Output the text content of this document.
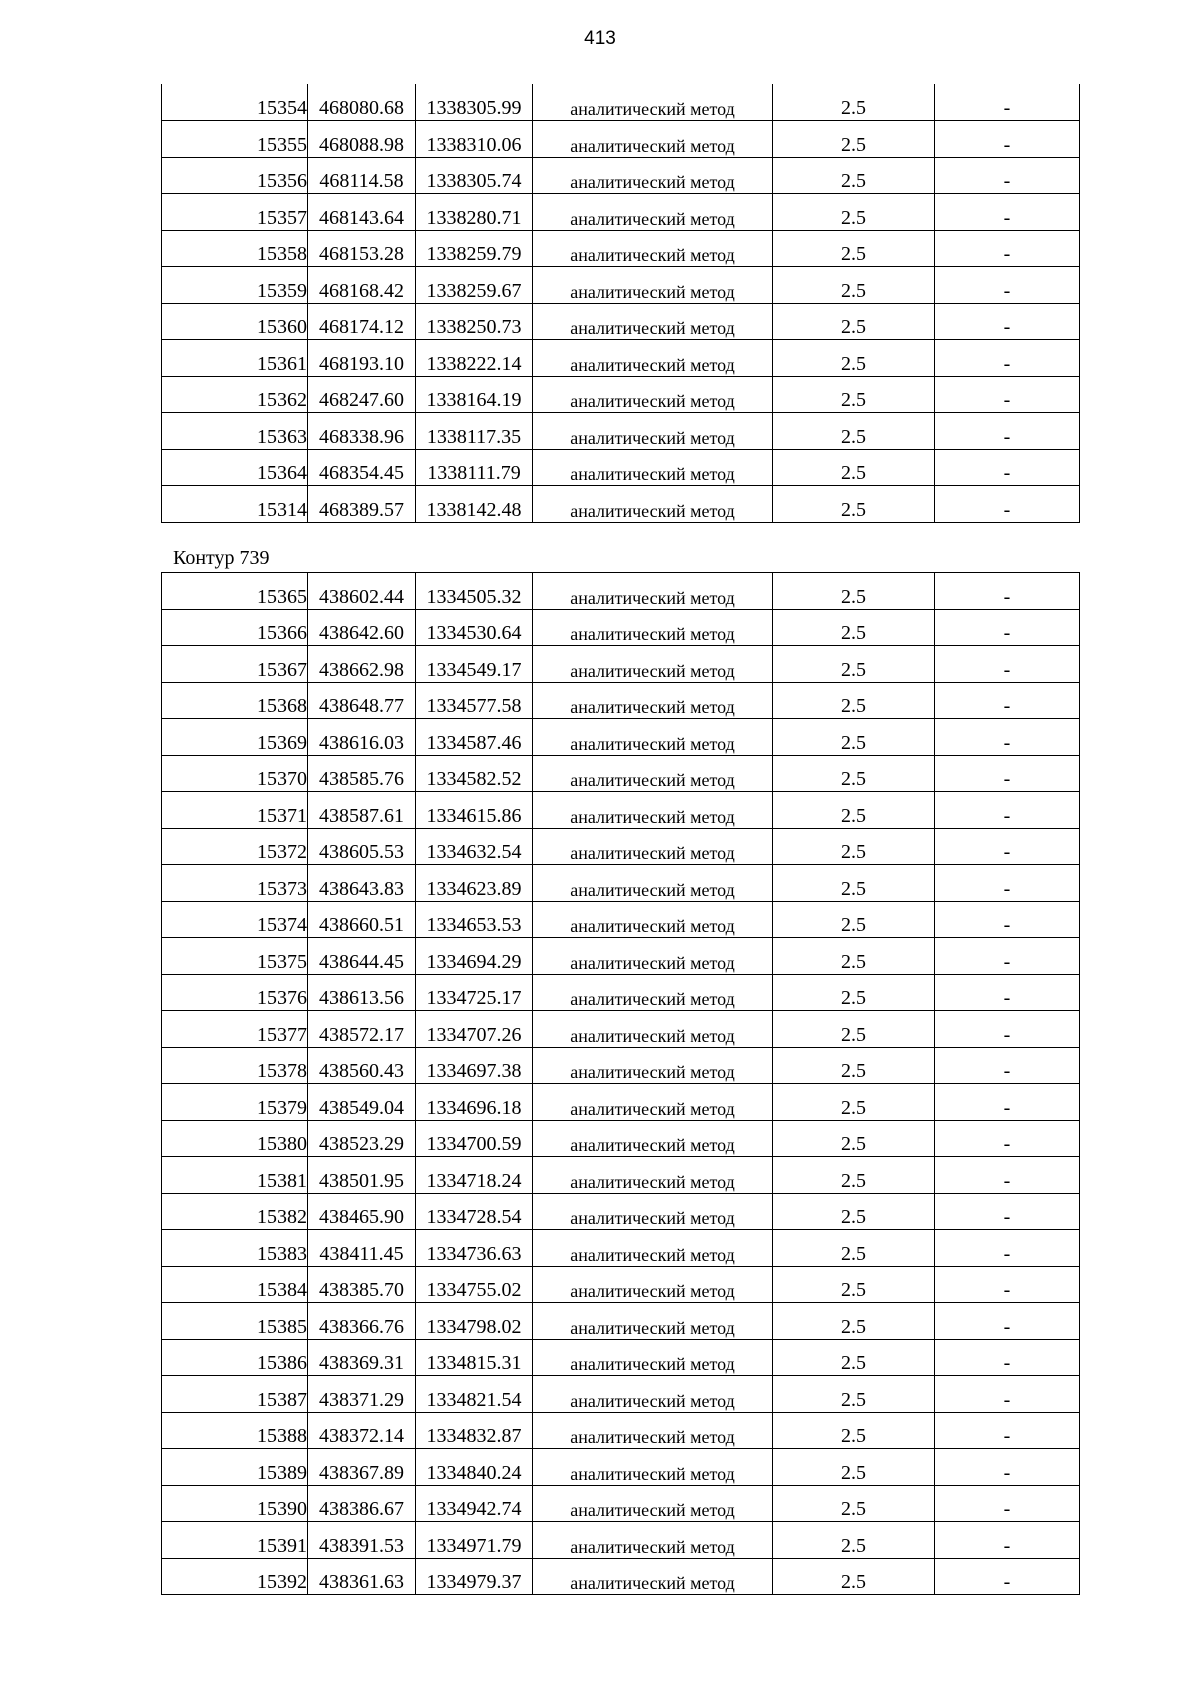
413
15354	468080.68	1338305.99	аналитический метод	2.5	-
15355	468088.98	1338310.06	аналитический метод	2.5	-
15356	468114.58	1338305.74	аналитический метод	2.5	-
15357	468143.64	1338280.71	аналитический метод	2.5	-
15358	468153.28	1338259.79	аналитический метод	2.5	-
15359	468168.42	1338259.67	аналитический метод	2.5	-
15360	468174.12	1338250.73	аналитический метод	2.5	-
15361	468193.10	1338222.14	аналитический метод	2.5	-
15362	468247.60	1338164.19	аналитический метод	2.5	-
15363	468338.96	1338117.35	аналитический метод	2.5	-
15364	468354.45	1338111.79	аналитический метод	2.5	-
15314	468389.57	1338142.48	аналитический метод	2.5	-
Контур 739
15365	438602.44	1334505.32	аналитический метод	2.5	-
15366	438642.60	1334530.64	аналитический метод	2.5	-
15367	438662.98	1334549.17	аналитический метод	2.5	-
15368	438648.77	1334577.58	аналитический метод	2.5	-
15369	438616.03	1334587.46	аналитический метод	2.5	-
15370	438585.76	1334582.52	аналитический метод	2.5	-
15371	438587.61	1334615.86	аналитический метод	2.5	-
15372	438605.53	1334632.54	аналитический метод	2.5	-
15373	438643.83	1334623.89	аналитический метод	2.5	-
15374	438660.51	1334653.53	аналитический метод	2.5	-
15375	438644.45	1334694.29	аналитический метод	2.5	-
15376	438613.56	1334725.17	аналитический метод	2.5	-
15377	438572.17	1334707.26	аналитический метод	2.5	-
15378	438560.43	1334697.38	аналитический метод	2.5	-
15379	438549.04	1334696.18	аналитический метод	2.5	-
15380	438523.29	1334700.59	аналитический метод	2.5	-
15381	438501.95	1334718.24	аналитический метод	2.5	-
15382	438465.90	1334728.54	аналитический метод	2.5	-
15383	438411.45	1334736.63	аналитический метод	2.5	-
15384	438385.70	1334755.02	аналитический метод	2.5	-
15385	438366.76	1334798.02	аналитический метод	2.5	-
15386	438369.31	1334815.31	аналитический метод	2.5	-
15387	438371.29	1334821.54	аналитический метод	2.5	-
15388	438372.14	1334832.87	аналитический метод	2.5	-
15389	438367.89	1334840.24	аналитический метод	2.5	-
15390	438386.67	1334942.74	аналитический метод	2.5	-
15391	438391.53	1334971.79	аналитический метод	2.5	-
15392	438361.63	1334979.37	аналитический метод	2.5	-
